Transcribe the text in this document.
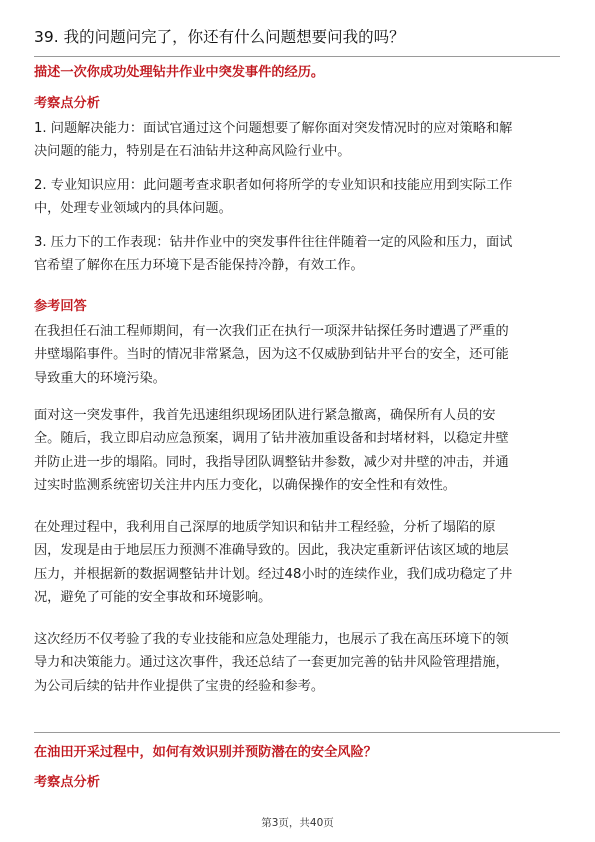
39. 我的问题问完了，你还有什么问题想要问我的吗？
描述一次你成功处理钻井作业中突发事件的经历。
考察点分析
1. 问题解决能力：面试官通过这个问题想要了解你面对突发情况时的应对策略和解
决问题的能力，特别是在石油钻井这种高风险行业中。
2. 专业知识应用：此问题考查求职者如何将所学的专业知识和技能应用到实际工作
中，处理专业领域内的具体问题。
3. 压力下的工作表现：钻井作业中的突发事件往往伴随着一定的风险和压力，面试
官希望了解你在压力环境下是否能保持冷静，有效工作。
参考回答
在我担任石油工程师期间，有一次我们正在执行一项深井钻探任务时遭遇了严重的
井壁塌陷事件。当时的情况非常紧急，因为这不仅威胁到钻井平台的安全，还可能
导致重大的环境污染。
面对这一突发事件，我首先迅速组织现场团队进行紧急撤离，确保所有人员的安
全。随后，我立即启动应急预案，调用了钻井液加重设备和封堵材料，以稳定井壁
并防止进一步的塌陷。同时，我指导团队调整钻井参数，减少对井壁的冲击，并通
过实时监测系统密切关注井内压力变化，以确保操作的安全性和有效性。
在处理过程中，我利用自己深厚的地质学知识和钻井工程经验，分析了塌陷的原
因，发现是由于地层压力预测不准确导致的。因此，我决定重新评估该区域的地层
压力，并根据新的数据调整钻井计划。经过48小时的连续作业，我们成功稳定了井
况，避免了可能的安全事故和环境影响。
这次经历不仅考验了我的专业技能和应急处理能力，也展示了我在高压环境下的领
导力和决策能力。通过这次事件，我还总结了一套更加完善的钻井风险管理措施，
为公司后续的钻井作业提供了宝贵的经验和参考。
在油田开采过程中，如何有效识别并预防潜在的安全风险？
考察点分析
第3页，共40页
